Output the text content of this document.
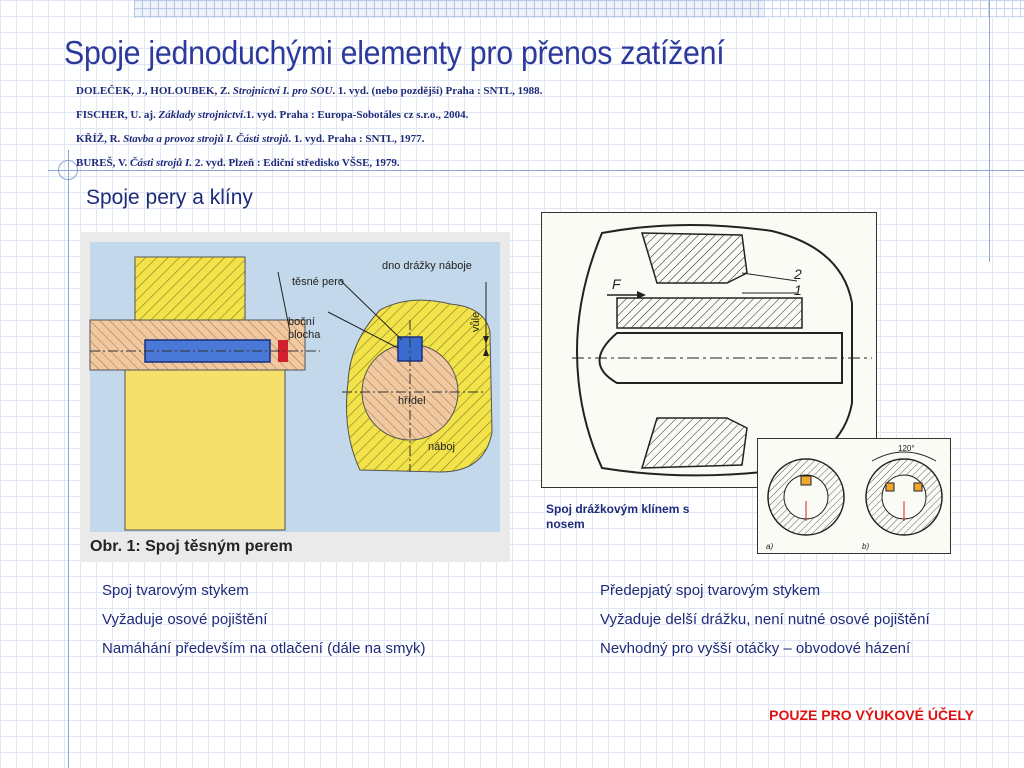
Spoje jednoduchými elementy pro přenos zatížení
DOLEČEK, J., HOLOUBEK, Z. Strojnictví I. pro SOU. 1. vyd. (nebo pozdější) Praha : SNTL, 1988.
FISCHER, U. aj. Základy strojnictví.1. vyd. Praha : Europa-Sobotáles cz s.r.o., 2004.
KŘÍŽ, R. Stavba a provoz strojů I. Části strojů. 1. vyd. Praha : SNTL, 1977.
BUREŠ, V. Části strojů I. 2. vyd. Plzeň : Ediční středisko VŠSE, 1979.
Spoje pery a klíny
těsné pero
boční
plocha
dno drážky náboje
vůle
hřídel
náboj
Obr. 1: Spoj těsným perem
F
2
1
120°
a)	b)
Spoj drážkovým klínem s nosem
Spoj tvarovým stykem
Vyžaduje osové pojištění
Namáhání především na otlačení (dále na smyk)
Předepjatý spoj tvarovým stykem
Vyžaduje delší drážku, není nutné osové pojištění
Nevhodný pro vyšší otáčky – obvodové házení
POUZE PRO VÝUKOVÉ ÚČELY
